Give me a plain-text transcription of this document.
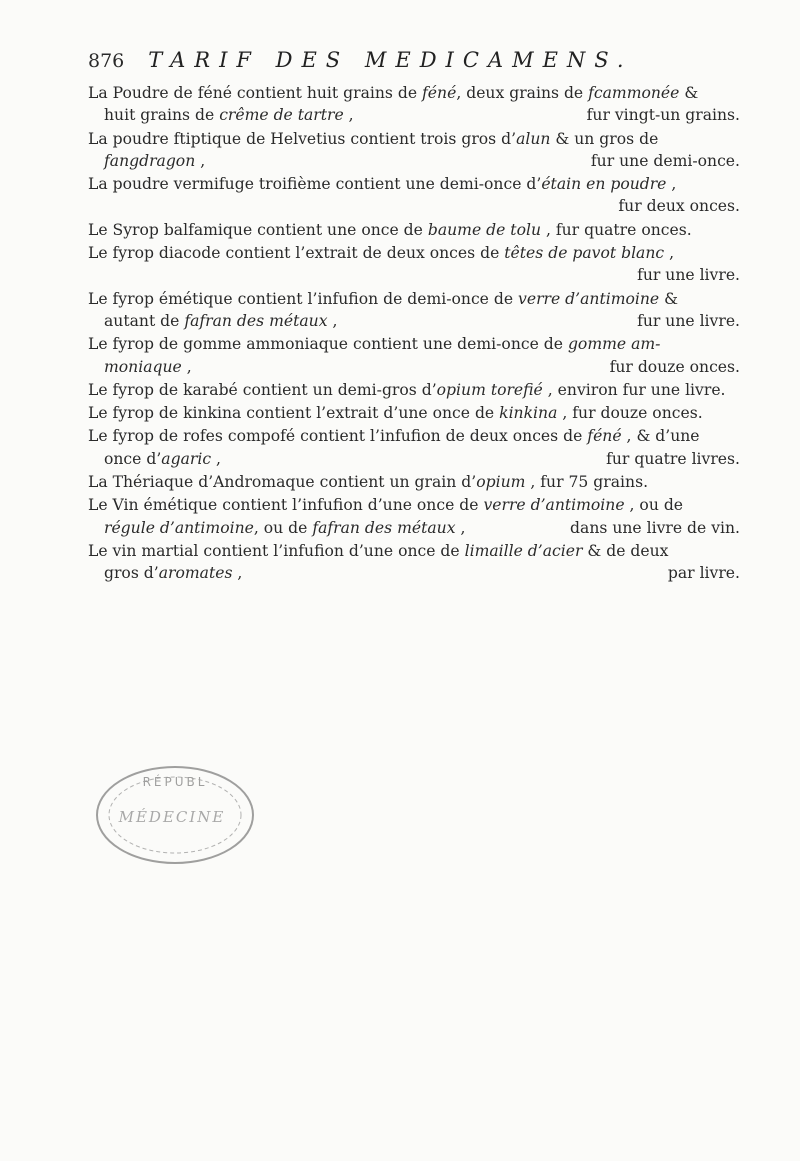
876 TARIF DES MEDICAMENS.
La Poudre de féné contient huit grains de féné, deux grains de fcammonée &
huit grains de crême de tartre ,	fur vingt-un grains.
La poudre ftiptique de Helvetius contient trois gros d’alun & un gros de
fangdragon ,	fur une demi-once.
La poudre vermifuge troifième contient une demi-once d’étain en poudre ,
fur deux onces.
Le Syrop balfamique contient une once de baume de tolu , fur quatre onces.
Le fyrop diacode contient l’extrait de deux onces de têtes de pavot blanc ,
fur une livre.
Le fyrop émétique contient l’infufion de demi-once de verre d’antimoine &
autant de fafran des métaux ,	fur une livre.
Le fyrop de gomme ammoniaque contient une demi-once de gomme am-
moniaque ,	fur douze onces.
Le fyrop de karabé contient un demi-gros d’opium torefié , environ fur une livre.
Le fyrop de kinkina contient l’extrait d’une once de kinkina , fur douze onces.
Le fyrop de rofes compofé contient l’infufion de deux onces de féné , & d’une
once d’agaric ,	fur quatre livres.
La Thériaque d’Andromaque contient un grain d’opium , fur 75 grains.
Le Vin émétique contient l’infufion d’une once de verre d’antimoine , ou de
régule d’antimoine, ou de fafran des métaux ,	dans une livre de vin.
Le vin martial contient l’infufion d’une once de limaille d’acier & de deux
gros d’aromates ,	par livre.
RÉPUBL
MÉDECINE
